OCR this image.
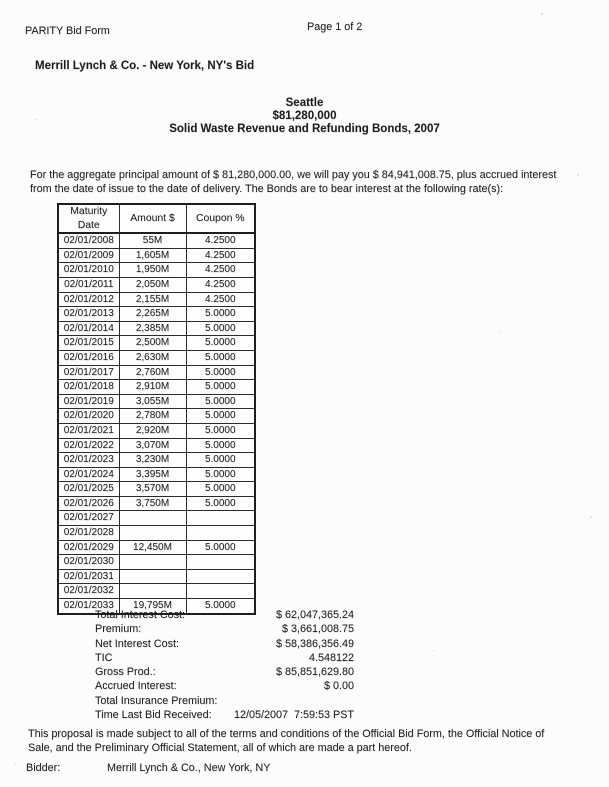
PARITY Bid Form	Page 1 of 2
Merrill Lynch & Co. - New York, NY's Bid
Seattle
$81,280,000
Solid Waste Revenue and Refunding Bonds, 2007
For the aggregate principal amount of $ 81,280,000.00, we will pay you $ 84,941,008.75, plus accrued interest
from the date of issue to the date of delivery. The Bonds are to bear interest at the following rate(s):
Maturity Date	Amount $	Coupon %
02/01/2008	55M	4.2500
02/01/2009	1,605M	4.2500
02/01/2010	1,950M	4.2500
02/01/2011	2,050M	4.2500
02/01/2012	2,155M	4.2500
02/01/2013	2,265M	5.0000
02/01/2014	2,385M	5.0000
02/01/2015	2,500M	5.0000
02/01/2016	2,630M	5.0000
02/01/2017	2,760M	5.0000
02/01/2018	2,910M	5.0000
02/01/2019	3,055M	5.0000
02/01/2020	2,780M	5.0000
02/01/2021	2,920M	5.0000
02/01/2022	3,070M	5.0000
02/01/2023	3,230M	5.0000
02/01/2024	3,395M	5.0000
02/01/2025	3,570M	5.0000
02/01/2026	3,750M	5.0000
02/01/2027		
02/01/2028		
02/01/2029	12,450M	5.0000
02/01/2030		
02/01/2031		
02/01/2032		
02/01/2033	19,795M	5.0000
Total Interest Cost:	$ 62,047,365.24
Premium:	$ 3,661,008.75
Net Interest Cost:	$ 58,386,356.49
TIC	4.548122
Gross Prod.:	$ 85,851,629.80
Accrued Interest:	$ 0.00
Total Insurance Premium:
Time Last Bid Received: 12/05/2007  7:59:53 PST
This proposal is made subject to all of the terms and conditions of the Official Bid Form, the Official Notice of
Sale, and the Preliminary Official Statement, all of which are made a part hereof.
Bidder:	Merrill Lynch & Co., New York, NY
